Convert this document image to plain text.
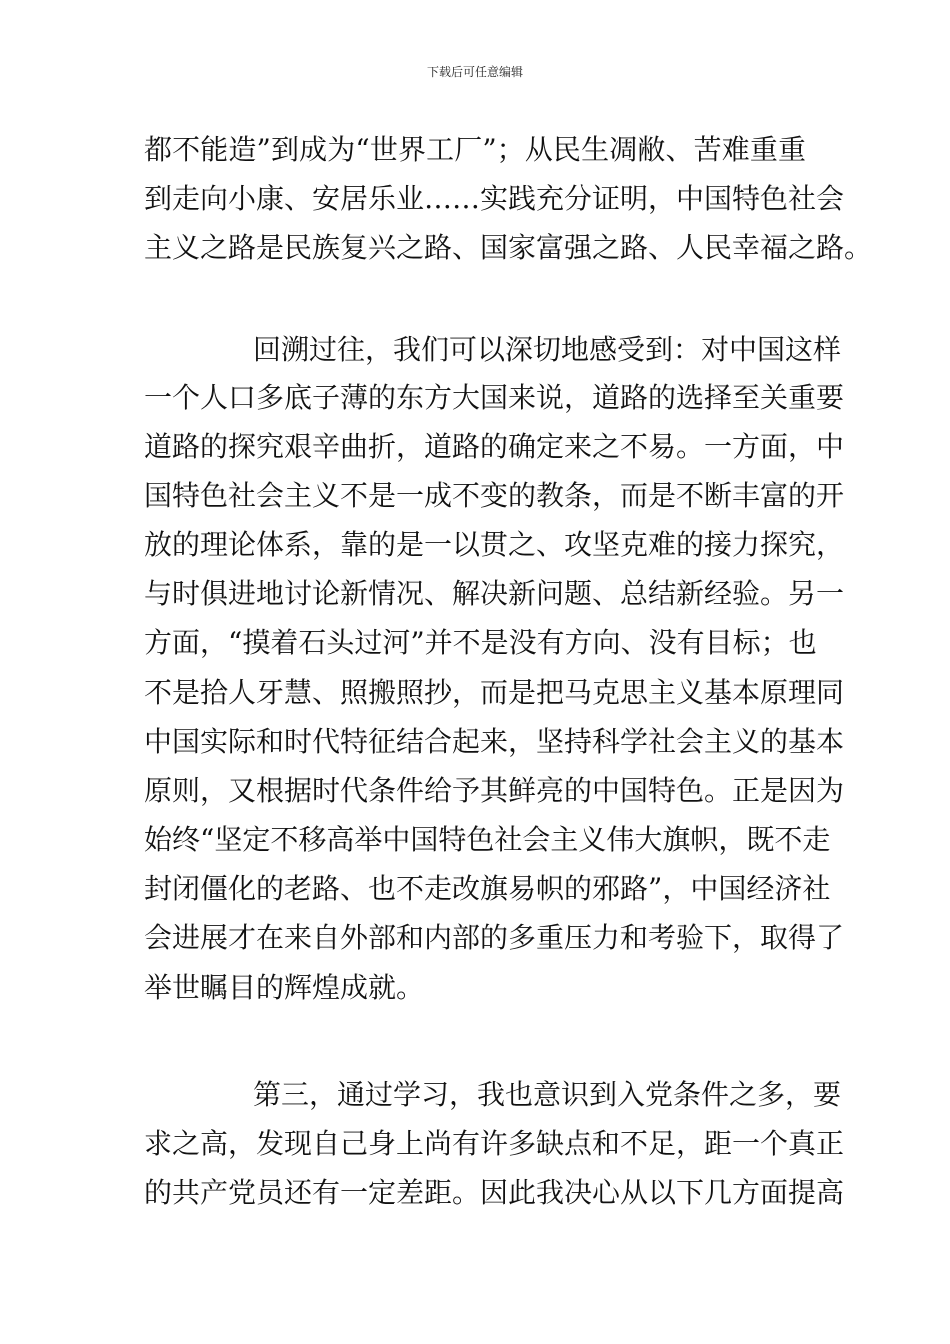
下载后可任意编辑
都不能造”到成为“世界工厂”；从民生凋敝、苦难重重
到走向小康、安居乐业……实践充分证明，中国特色社会
主义之路是民族复兴之路、国家富强之路、人民幸福之路。
回溯过往，我们可以深切地感受到：对中国这样
一个人口多底子薄的东方大国来说，道路的选择至关重要
道路的探究艰辛曲折，道路的确定来之不易。一方面，中
国特色社会主义不是一成不变的教条，而是不断丰富的开
放的理论体系，靠的是一以贯之、攻坚克难的接力探究，
与时俱进地讨论新情况、解决新问题、总结新经验。另一
方面，“摸着石头过河”并不是没有方向、没有目标；也
不是拾人牙慧、照搬照抄，而是把马克思主义基本原理同
中国实际和时代特征结合起来，坚持科学社会主义的基本
原则，又根据时代条件给予其鲜亮的中国特色。正是因为
始终“坚定不移高举中国特色社会主义伟大旗帜，既不走
封闭僵化的老路、也不走改旗易帜的邪路”，中国经济社
会进展才在来自外部和内部的多重压力和考验下，取得了
举世瞩目的辉煌成就。
第三，通过学习，我也意识到入党条件之多，要
求之高，发现自己身上尚有许多缺点和不足，距一个真正
的共产党员还有一定差距。因此我决心从以下几方面提高
